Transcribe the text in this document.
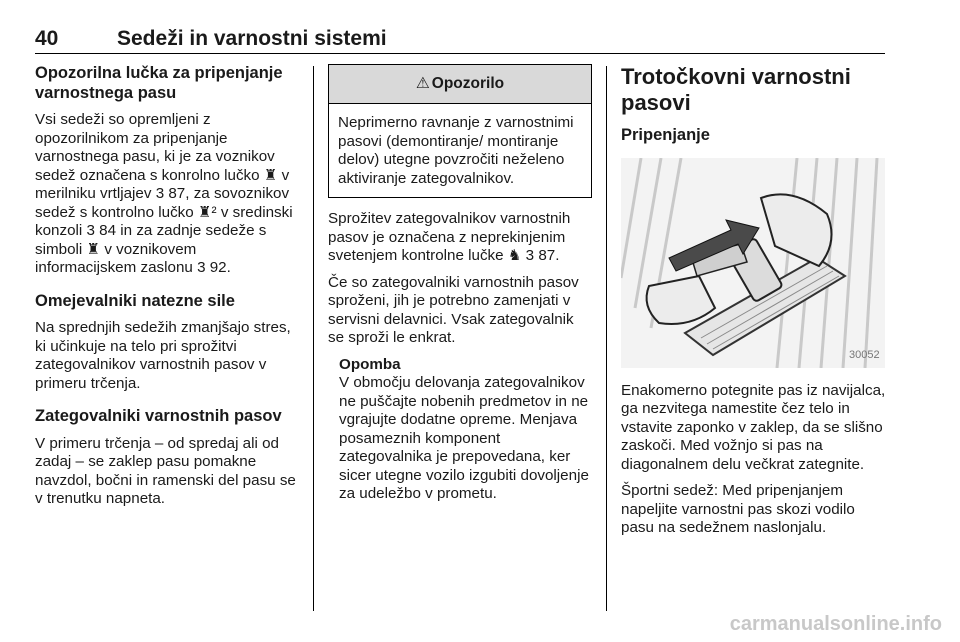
40	Sedeži in varnostni sistemi
Opozorilna lučka za pripenjanje varnostnega pasu

Vsi sedeži so opremljeni z opozorilnikom za pripenjanje varnostnega pasu, ki je za voznikov sedež označena s konrolno lučko ♜ v merilniku vrtljajev 3 87, za sovoznikov sedež s kontrolno lučko ♜² v sredinski konzoli 3 84 in za zadnje sedeže s simboli ♜ v voznikovem informacijskem zaslonu 3 92.

Omejevalniki natezne sile

Na sprednjih sedežih zmanjšajo stres, ki učinkuje na telo pri sprožitvi zategovalnikov varnostnih pasov v primeru trčenja.

Zategovalniki varnostnih pasov

V primeru trčenja – od spredaj ali od zadaj – se zaklep pasu pomakne navzdol, bočni in ramenski del pasu se v trenutku napneta.

⚠ Opozorilo
Neprimerno ravnanje z varnostnimi pasovi (demontiranje/ montiranje delov) utegne povzročiti neželeno aktiviranje zategovalnikov.

Sprožitev zategovalnikov varnostnih pasov je označena z neprekinjenim svetenjem kontrolne lučke ♞ 3 87.

Če so zategovalniki varnostnih pasov sproženi, jih je potrebno zamenjati v servisni delavnici. Vsak zategovalnik se sproži le enkrat.

Opomba
V območju delovanja zategovalnikov ne puščajte nobenih predmetov in ne vgrajujte dodatne opreme. Menjava posameznih komponent zategovalnika je prepovedana, ker sicer utegne vozilo izgubiti dovoljenje za udeležbo v prometu.
Trotočkovni varnostni pasovi
Pripenjanje
30052

Enakomerno potegnite pas iz navijalca, ga nezvitega namestite čez telo in vstavite zaponko v zaklep, da se slišno zaskoči. Med vožnjo si pas na diagonalnem delu večkrat zategnite.

Športni sedež: Med pripenjanjem napeljite varnostni pas skozi vodilo pasu na sedežnem naslonjalu.

carmanualsonline.info
